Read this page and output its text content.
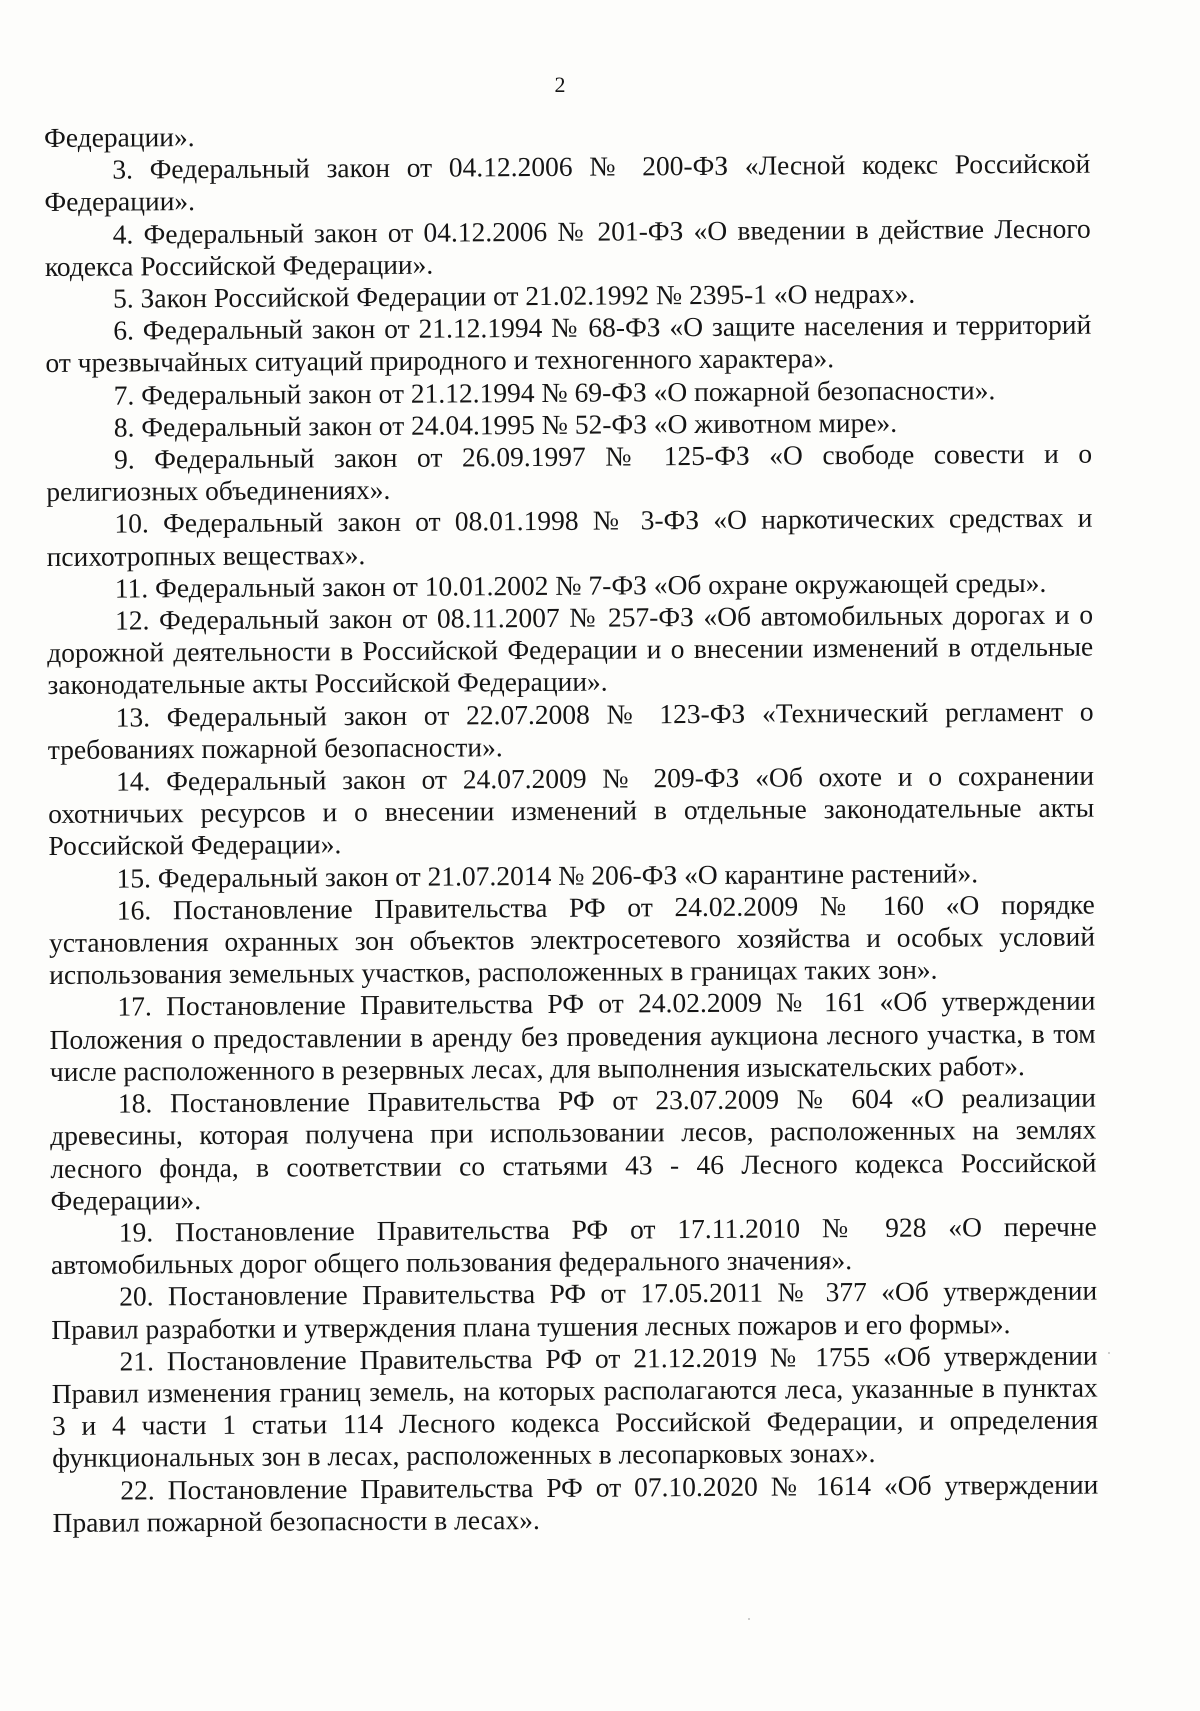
2

Федерации».

3. Федеральный закон от 04.12.2006 № 200-ФЗ «Лесной кодекс Российской Федерации».

4. Федеральный закон от 04.12.2006 № 201-ФЗ «О введении в действие Лесного кодекса Российской Федерации».

5. Закон Российской Федерации от 21.02.1992 № 2395-1 «О недрах».

6. Федеральный закон от 21.12.1994 № 68-ФЗ «О защите населения и территорий от чрезвычайных ситуаций природного и техногенного характера».

7. Федеральный закон от 21.12.1994 № 69-ФЗ «О пожарной безопасности».

8. Федеральный закон от 24.04.1995 № 52-ФЗ «О животном мире».

9. Федеральный закон от 26.09.1997 № 125-ФЗ «О свободе совести и о религиозных объединениях».

10. Федеральный закон от 08.01.1998 № 3-ФЗ «О наркотических средствах и психотропных веществах».

11. Федеральный закон от 10.01.2002 № 7-ФЗ «Об охране окружающей среды».

12. Федеральный закон от 08.11.2007 № 257-ФЗ «Об автомобильных дорогах и о дорожной деятельности в Российской Федерации и о внесении изменений в отдельные законодательные акты Российской Федерации».

13. Федеральный закон от 22.07.2008 № 123-ФЗ «Технический регламент о требованиях пожарной безопасности».

14. Федеральный закон от 24.07.2009 № 209-ФЗ «Об охоте и о сохранении охотничьих ресурсов и о внесении изменений в отдельные законодательные акты Российской Федерации».

15. Федеральный закон от 21.07.2014 № 206-ФЗ «О карантине растений».

16. Постановление Правительства РФ от 24.02.2009 № 160 «О порядке установления охранных зон объектов электросетевого хозяйства и особых условий использования земельных участков, расположенных в границах таких зон».

17. Постановление Правительства РФ от 24.02.2009 № 161 «Об утверждении Положения о предоставлении в аренду без проведения аукциона лесного участка, в том числе расположенного в резервных лесах, для выполнения изыскательских работ».

18. Постановление Правительства РФ от 23.07.2009 № 604 «О реализации древесины, которая получена при использовании лесов, расположенных на землях лесного фонда, в соответствии со статьями 43 - 46 Лесного кодекса Российской Федерации».

19. Постановление Правительства РФ от 17.11.2010 № 928 «О перечне автомобильных дорог общего пользования федерального значения».

20. Постановление Правительства РФ от 17.05.2011 № 377 «Об утверждении Правил разработки и утверждения плана тушения лесных пожаров и его формы».

21. Постановление Правительства РФ от 21.12.2019 № 1755 «Об утверждении Правил изменения границ земель, на которых располагаются леса, указанные в пунктах 3 и 4 части 1 статьи 114 Лесного кодекса Российской Федерации, и определения функциональных зон в лесах, расположенных в лесопарковых зонах».

22. Постановление Правительства РФ от 07.10.2020 № 1614 «Об утверждении Правил пожарной безопасности в лесах».
